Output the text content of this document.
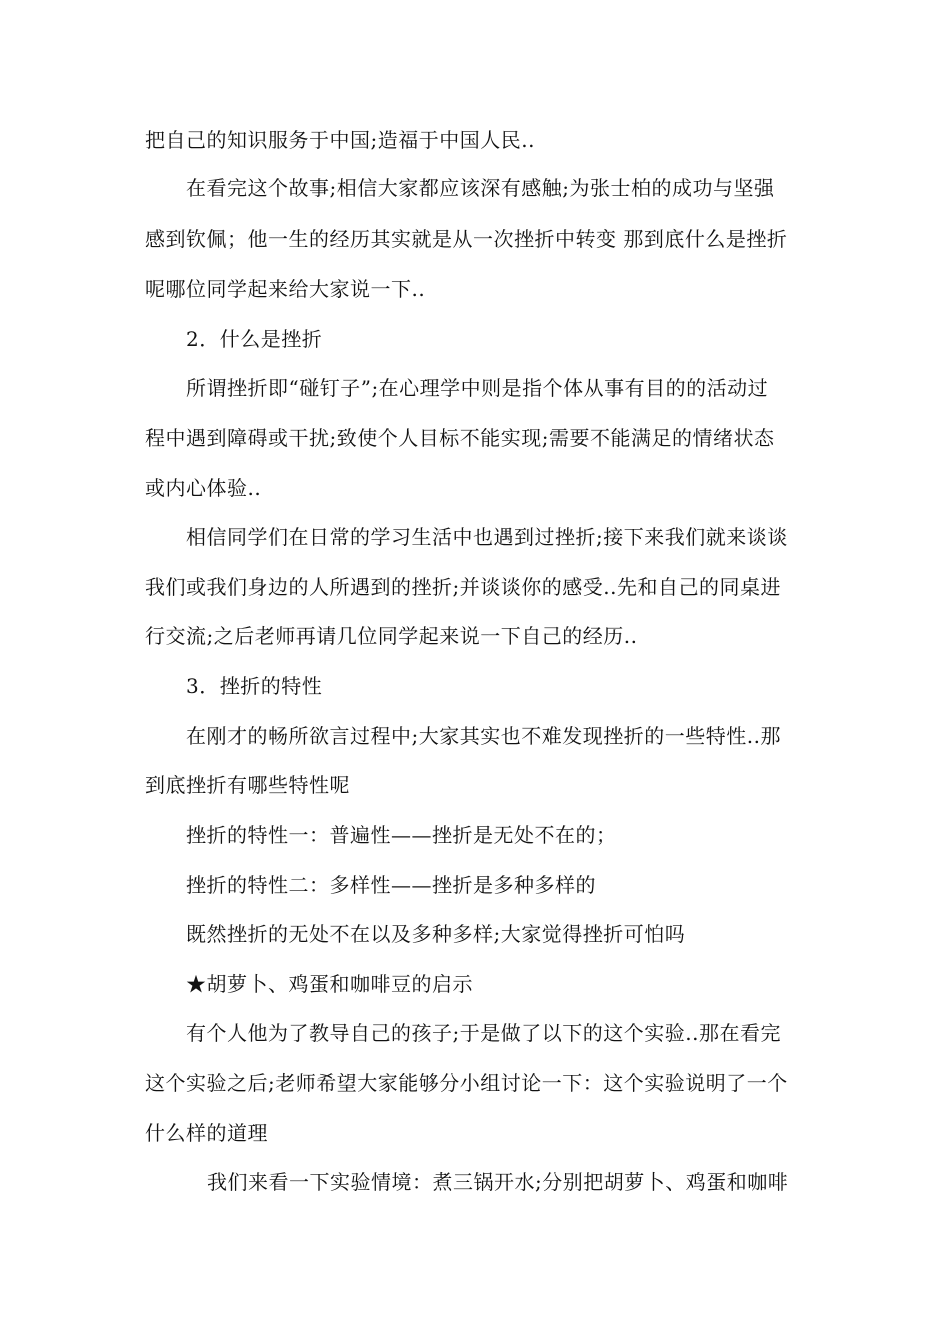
把自己的知识服务于中国;造福于中国人民..
在看完这个故事;相信大家都应该深有感触;为张士柏的成功与坚强
感到钦佩；他一生的经历其实就是从一次挫折中转变 那到底什么是挫折
呢哪位同学起来给大家说一下..
2．什么是挫折
所谓挫折即“碰钉子”;在心理学中则是指个体从事有目的的活动过
程中遇到障碍或干扰;致使个人目标不能实现;需要不能满足的情绪状态
或内心体验..
相信同学们在日常的学习生活中也遇到过挫折;接下来我们就来谈谈
我们或我们身边的人所遇到的挫折;并谈谈你的感受..先和自己的同桌进
行交流;之后老师再请几位同学起来说一下自己的经历..
3．挫折的特性
在刚才的畅所欲言过程中;大家其实也不难发现挫折的一些特性..那
到底挫折有哪些特性呢
挫折的特性一：普遍性——挫折是无处不在的；
挫折的特性二：多样性——挫折是多种多样的
既然挫折的无处不在以及多种多样;大家觉得挫折可怕吗
★胡萝卜、鸡蛋和咖啡豆的启示
有个人他为了教导自己的孩子;于是做了以下的这个实验..那在看完
这个实验之后;老师希望大家能够分小组讨论一下：这个实验说明了一个
什么样的道理
我们来看一下实验情境：煮三锅开水;分别把胡萝卜、鸡蛋和咖啡
